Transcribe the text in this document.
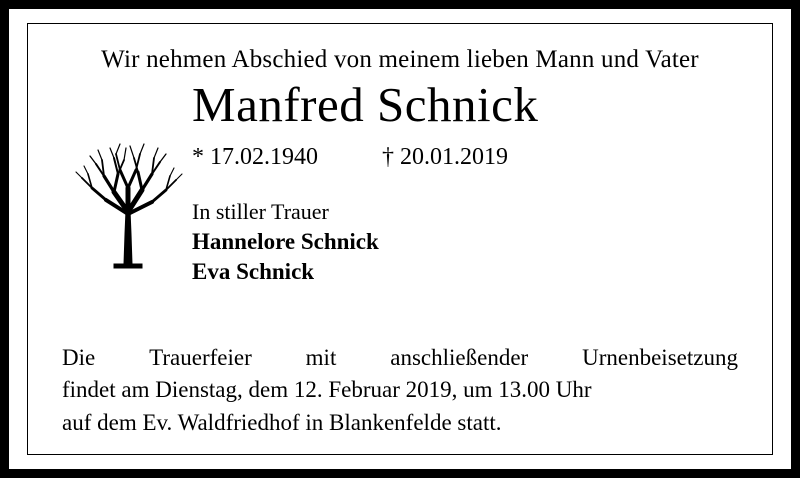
Wir nehmen Abschied von meinem lieben Mann und Vater
Manfred Schnick
* 17.02.1940	† 20.01.2019
In stiller Trauer
Hannelore Schnick
Eva Schnick
Die Trauerfeier mit anschließender Urnenbeisetzung
findet am Dienstag, dem 12. Februar 2019, um 13.00 Uhr
auf dem Ev. Waldfriedhof in Blankenfelde statt.
